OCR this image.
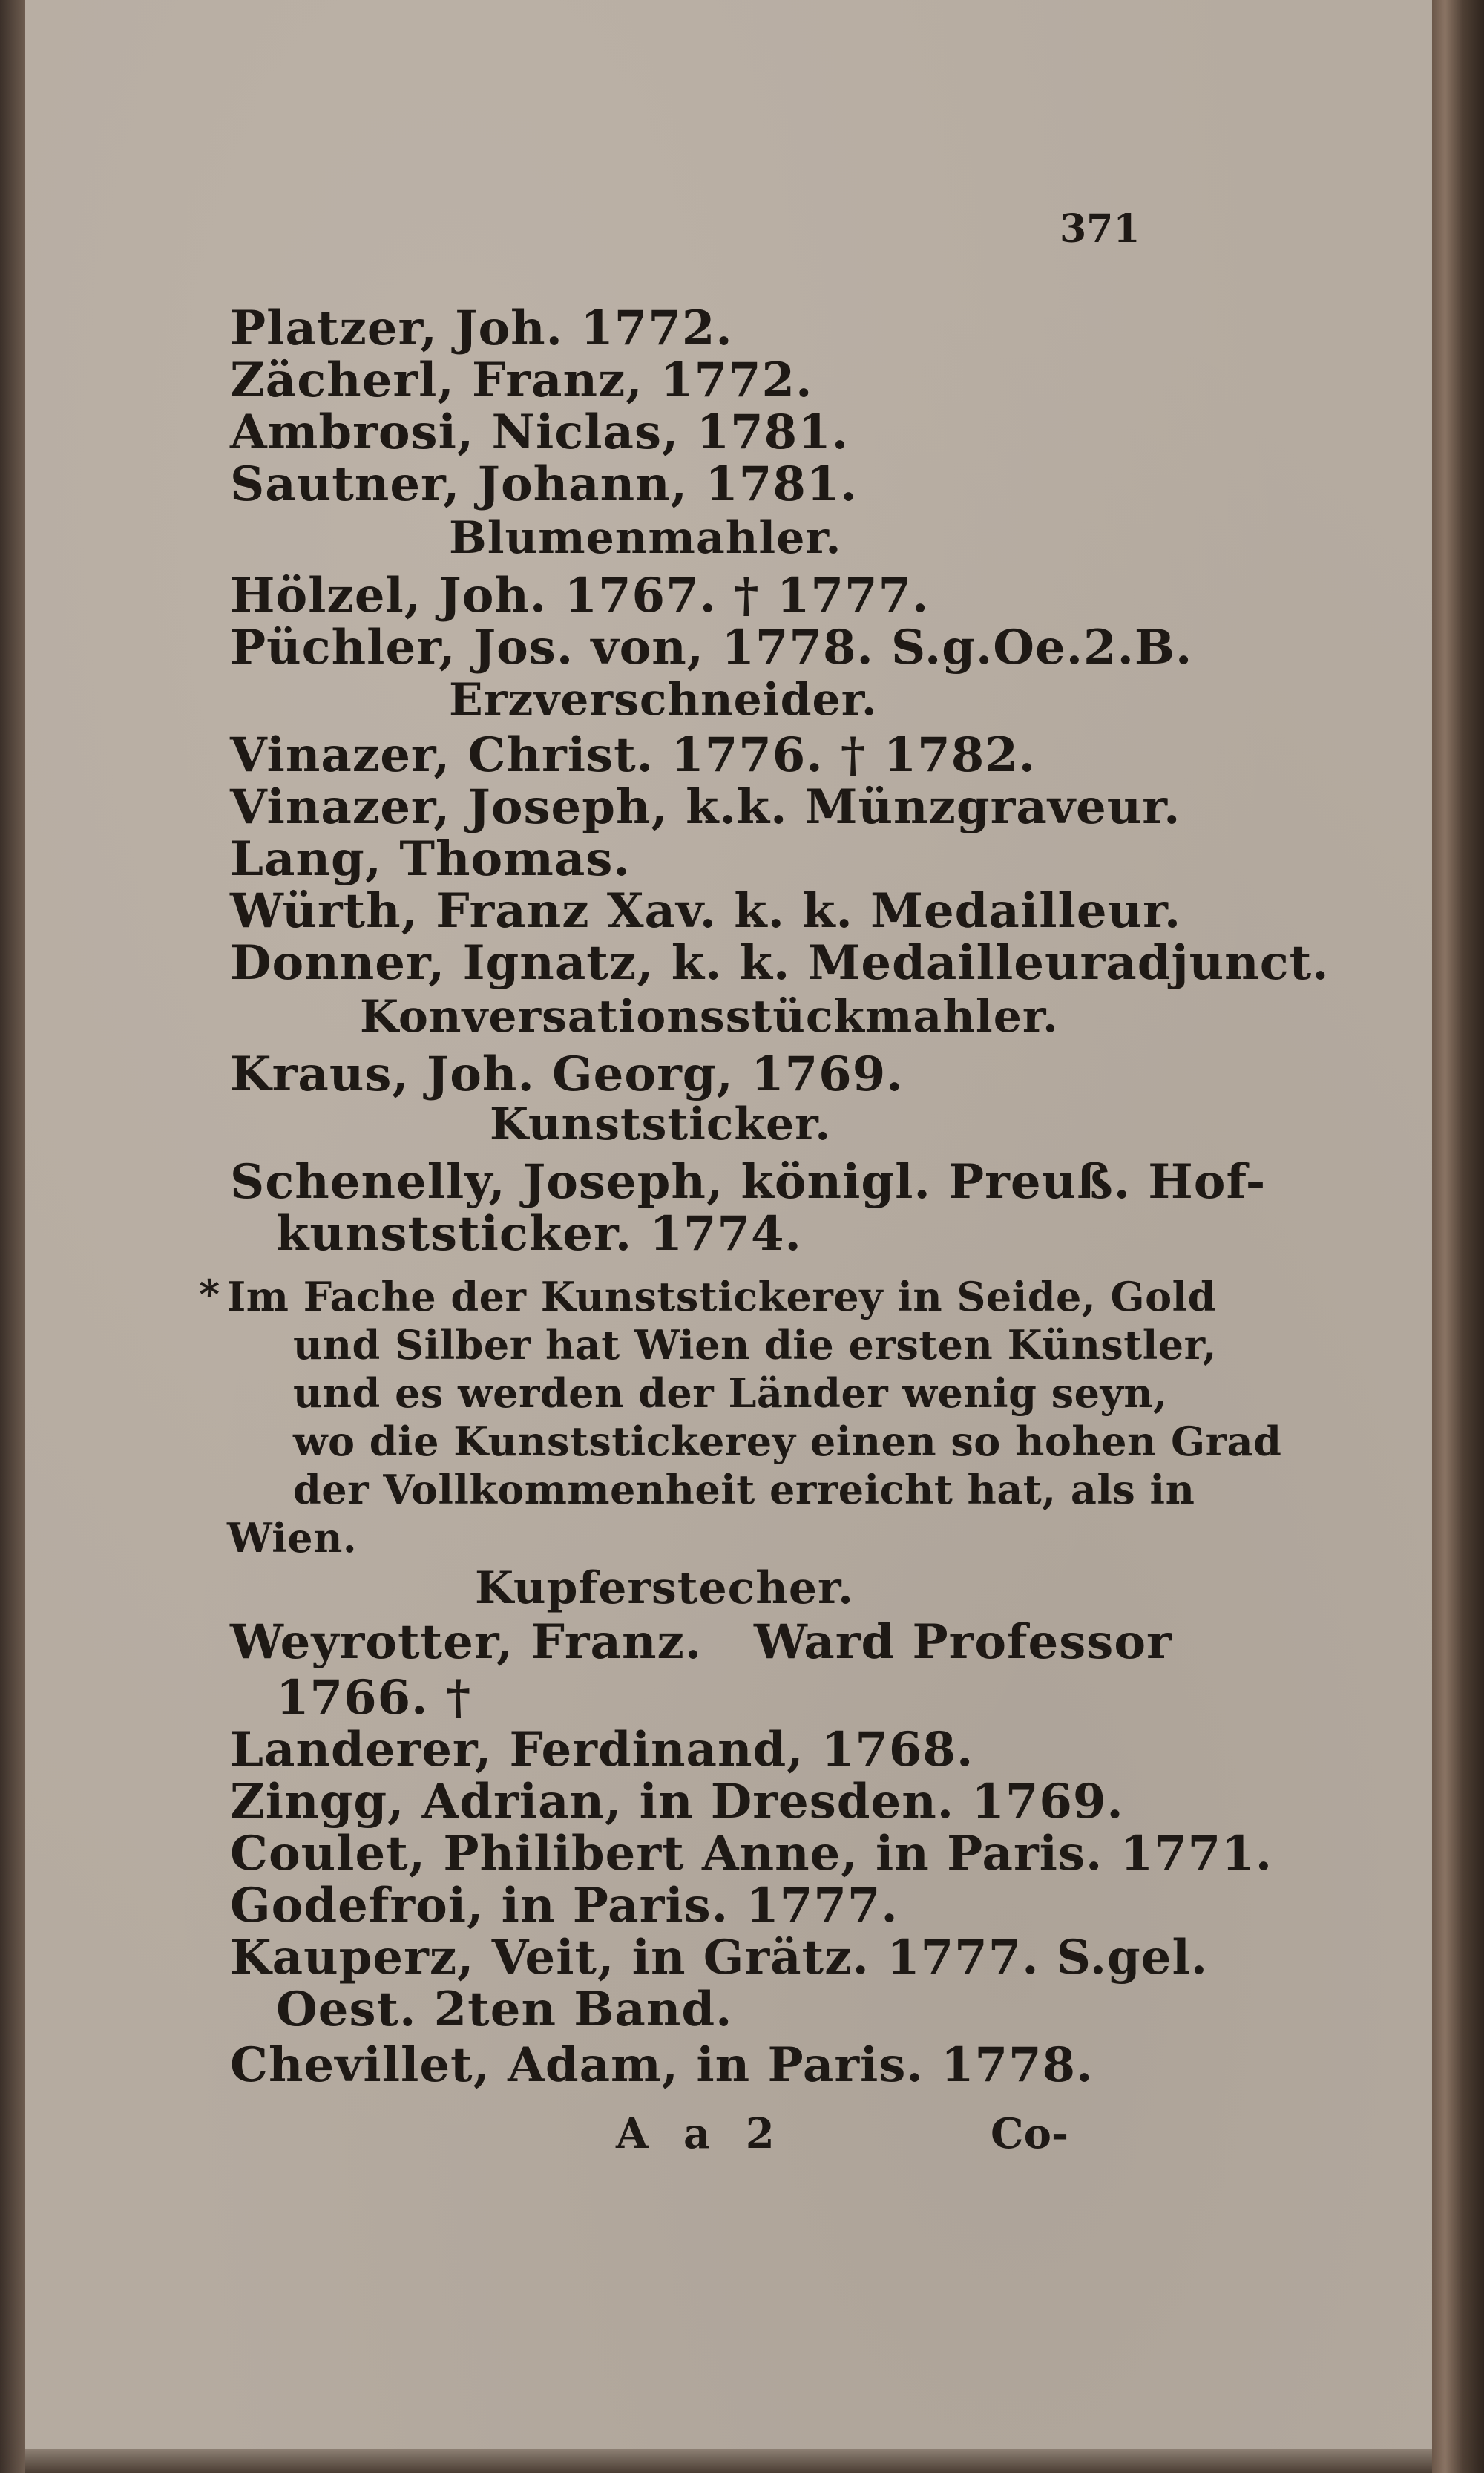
371
Platzer, Joh. 1772.
Zächerl, Franz, 1772.
Ambrosi, Niclas, 1781.
Sautner, Johann, 1781.
Blumenmahler.
Hölzel, Joh. 1767. † 1777.
Püchler, Jos. von, 1778. S.g.Oe.2.B.
Erzverschneider.
Vinazer, Christ. 1776. † 1782.
Vinazer, Joseph, k.k. Münzgraveur.
Lang, Thomas.
Würth, Franz Xav. k. k. Medailleur.
Donner, Ignatz, k. k. Medailleuradjunct.
Konversationsstückmahler.
Kraus, Joh. Georg, 1769.
Kunststicker.
Schenelly, Joseph, königl. Preuß. Hof-
kunststicker. 1774.
* Im Fache der Kunststickerey in Seide, Gold
und Silber hat Wien die ersten Künstler,
und es werden der Länder wenig seyn,
wo die Kunststickerey einen so hohen Grad
der Vollkommenheit erreicht hat, als in
Wien.
Kupferstecher.
Weyrotter, Franz.   Ward Professor
1766. †
Landerer, Ferdinand, 1768.
Zingg, Adrian, in Dresden. 1769.
Coulet, Philibert Anne, in Paris. 1771.
Godefroi, in Paris. 1777.
Kauperz, Veit, in Grätz. 1777. S.gel.
Oest. 2ten Band.
Chevillet, Adam, in Paris. 1778.
A a 2	Co-
